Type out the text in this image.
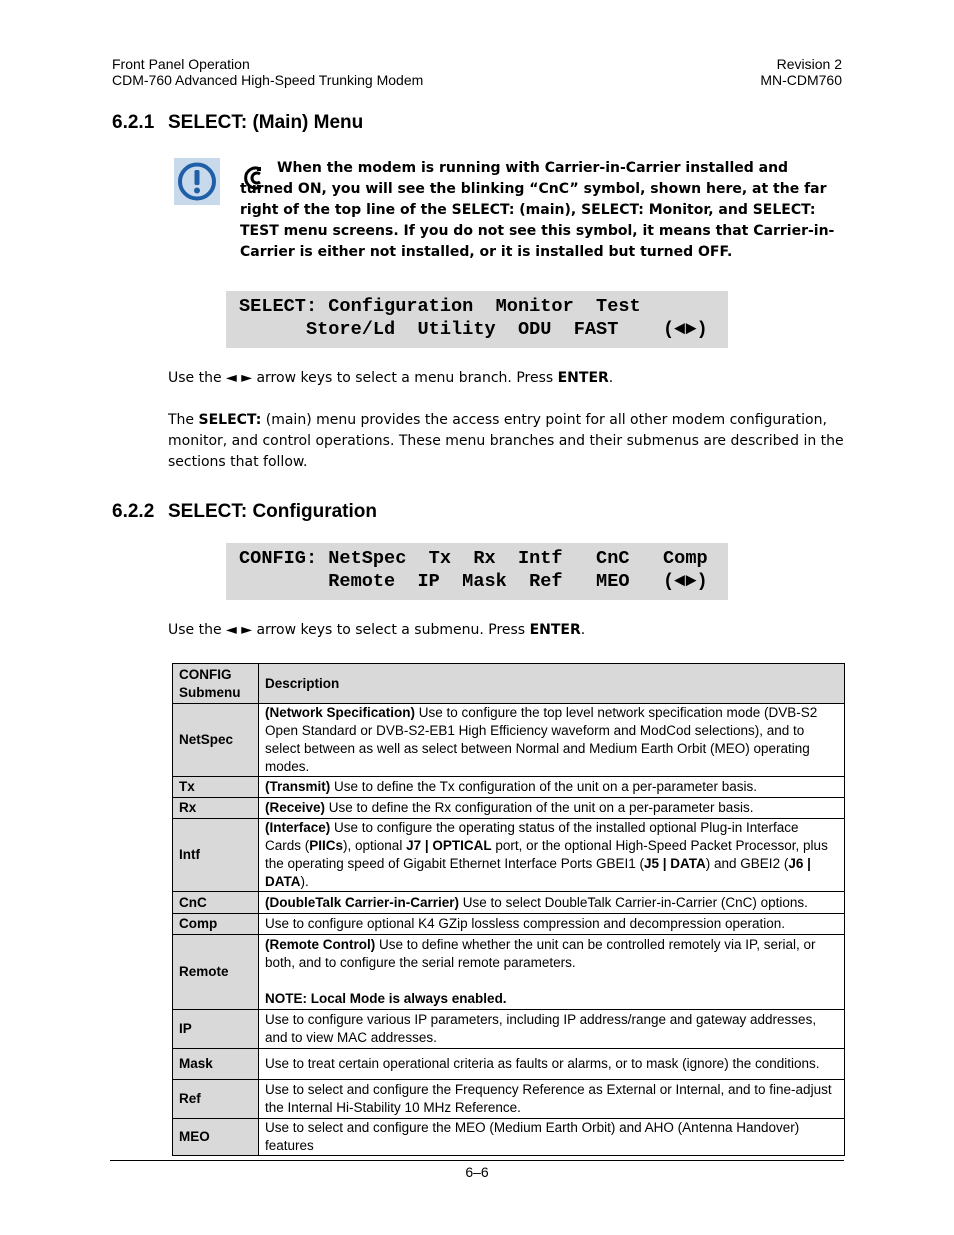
Front Panel Operation
CDM-760 Advanced High-Speed Trunking Modem
Revision 2
MN-CDM760
6.2.1 SELECT: (Main) Menu
When the modem is running with Carrier-in-Carrier installed and turned ON, you will see the blinking “CnC” symbol, shown here, at the far right of the top line of the SELECT: (main), SELECT: Monitor, and SELECT: TEST menu screens. If you do not see this symbol, it means that Carrier-in-Carrier is either not installed, or it is installed but turned OFF.
SELECT: Configuration  Monitor  Test
Store/Ld  Utility  ODU  FAST    (◄►)
Use the ◄ ► arrow keys to select a menu branch. Press ENTER.
The SELECT: (main) menu provides the access entry point for all other modem configuration, monitor, and control operations. These menu branches and their submenus are described in the sections that follow.
6.2.2 SELECT: Configuration
CONFIG: NetSpec  Tx  Rx  Intf   CnC   Comp
Remote  IP  Mask  Ref   MEO   (◄►)
Use the ◄ ► arrow keys to select a submenu. Press ENTER.
CONFIG
Submenu	Description
NetSpec	(Network Specification) Use to configure the top level network specification mode (DVB-S2 Open Standard or DVB-S2-EB1 High Efficiency waveform and ModCod selections), and to select between as well as select between Normal and Medium Earth Orbit (MEO) operating modes.
Tx	(Transmit) Use to define the Tx configuration of the unit on a per-parameter basis.
Rx	(Receive) Use to define the Rx configuration of the unit on a per-parameter basis.
Intf	(Interface) Use to configure the operating status of the installed optional Plug-in Interface Cards (PIICs), optional J7 | OPTICAL port, or the optional High-Speed Packet Processor, plus the operating speed of Gigabit Ethernet Interface Ports GBEI1 (J5 | DATA) and GBEI2 (J6 | DATA).
CnC	(DoubleTalk Carrier-in-Carrier) Use to select DoubleTalk Carrier-in-Carrier (CnC) options.
Comp	Use to configure optional K4 GZip lossless compression and decompression operation.
Remote	(Remote Control) Use to define whether the unit can be controlled remotely via IP, serial, or both, and to configure the serial remote parameters.
NOTE: Local Mode is always enabled.
IP	Use to configure various IP parameters, including IP address/range and gateway addresses, and to view MAC addresses.
Mask	Use to treat certain operational criteria as faults or alarms, or to mask (ignore) the conditions.
Ref	Use to select and configure the Frequency Reference as External or Internal, and to fine-adjust the Internal Hi-Stability 10 MHz Reference.
MEO	Use to select and configure the MEO (Medium Earth Orbit) and AHO (Antenna Handover) features
6–6
